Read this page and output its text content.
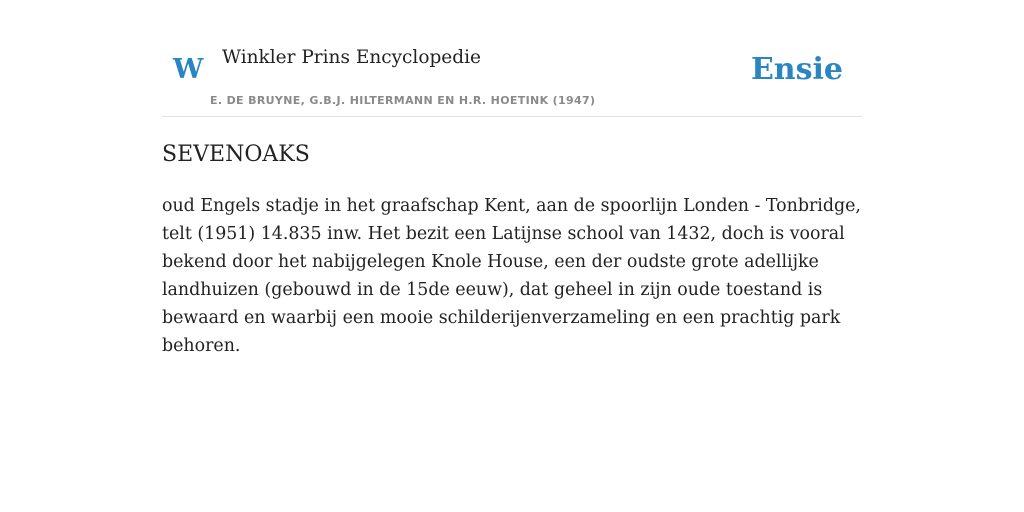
W Winkler Prins Encyclopedie
E. DE BRUYNE, G.B.J. HILTERMANN EN H.R. HOETINK (1947)
Ensie
SEVENOAKS

oud Engels stadje in het graafschap Kent, aan de spoorlijn Londen - Tonbridge, telt (1951) 14.835 inw. Het bezit een Latijnse school van 1432, doch is vooral bekend door het nabijgelegen Knole House, een der oudste grote adellijke landhuizen (gebouwd in de 15de eeuw), dat geheel in zijn oude toestand is bewaard en waarbij een mooie schilderijenverzameling en een prachtig park behoren.
